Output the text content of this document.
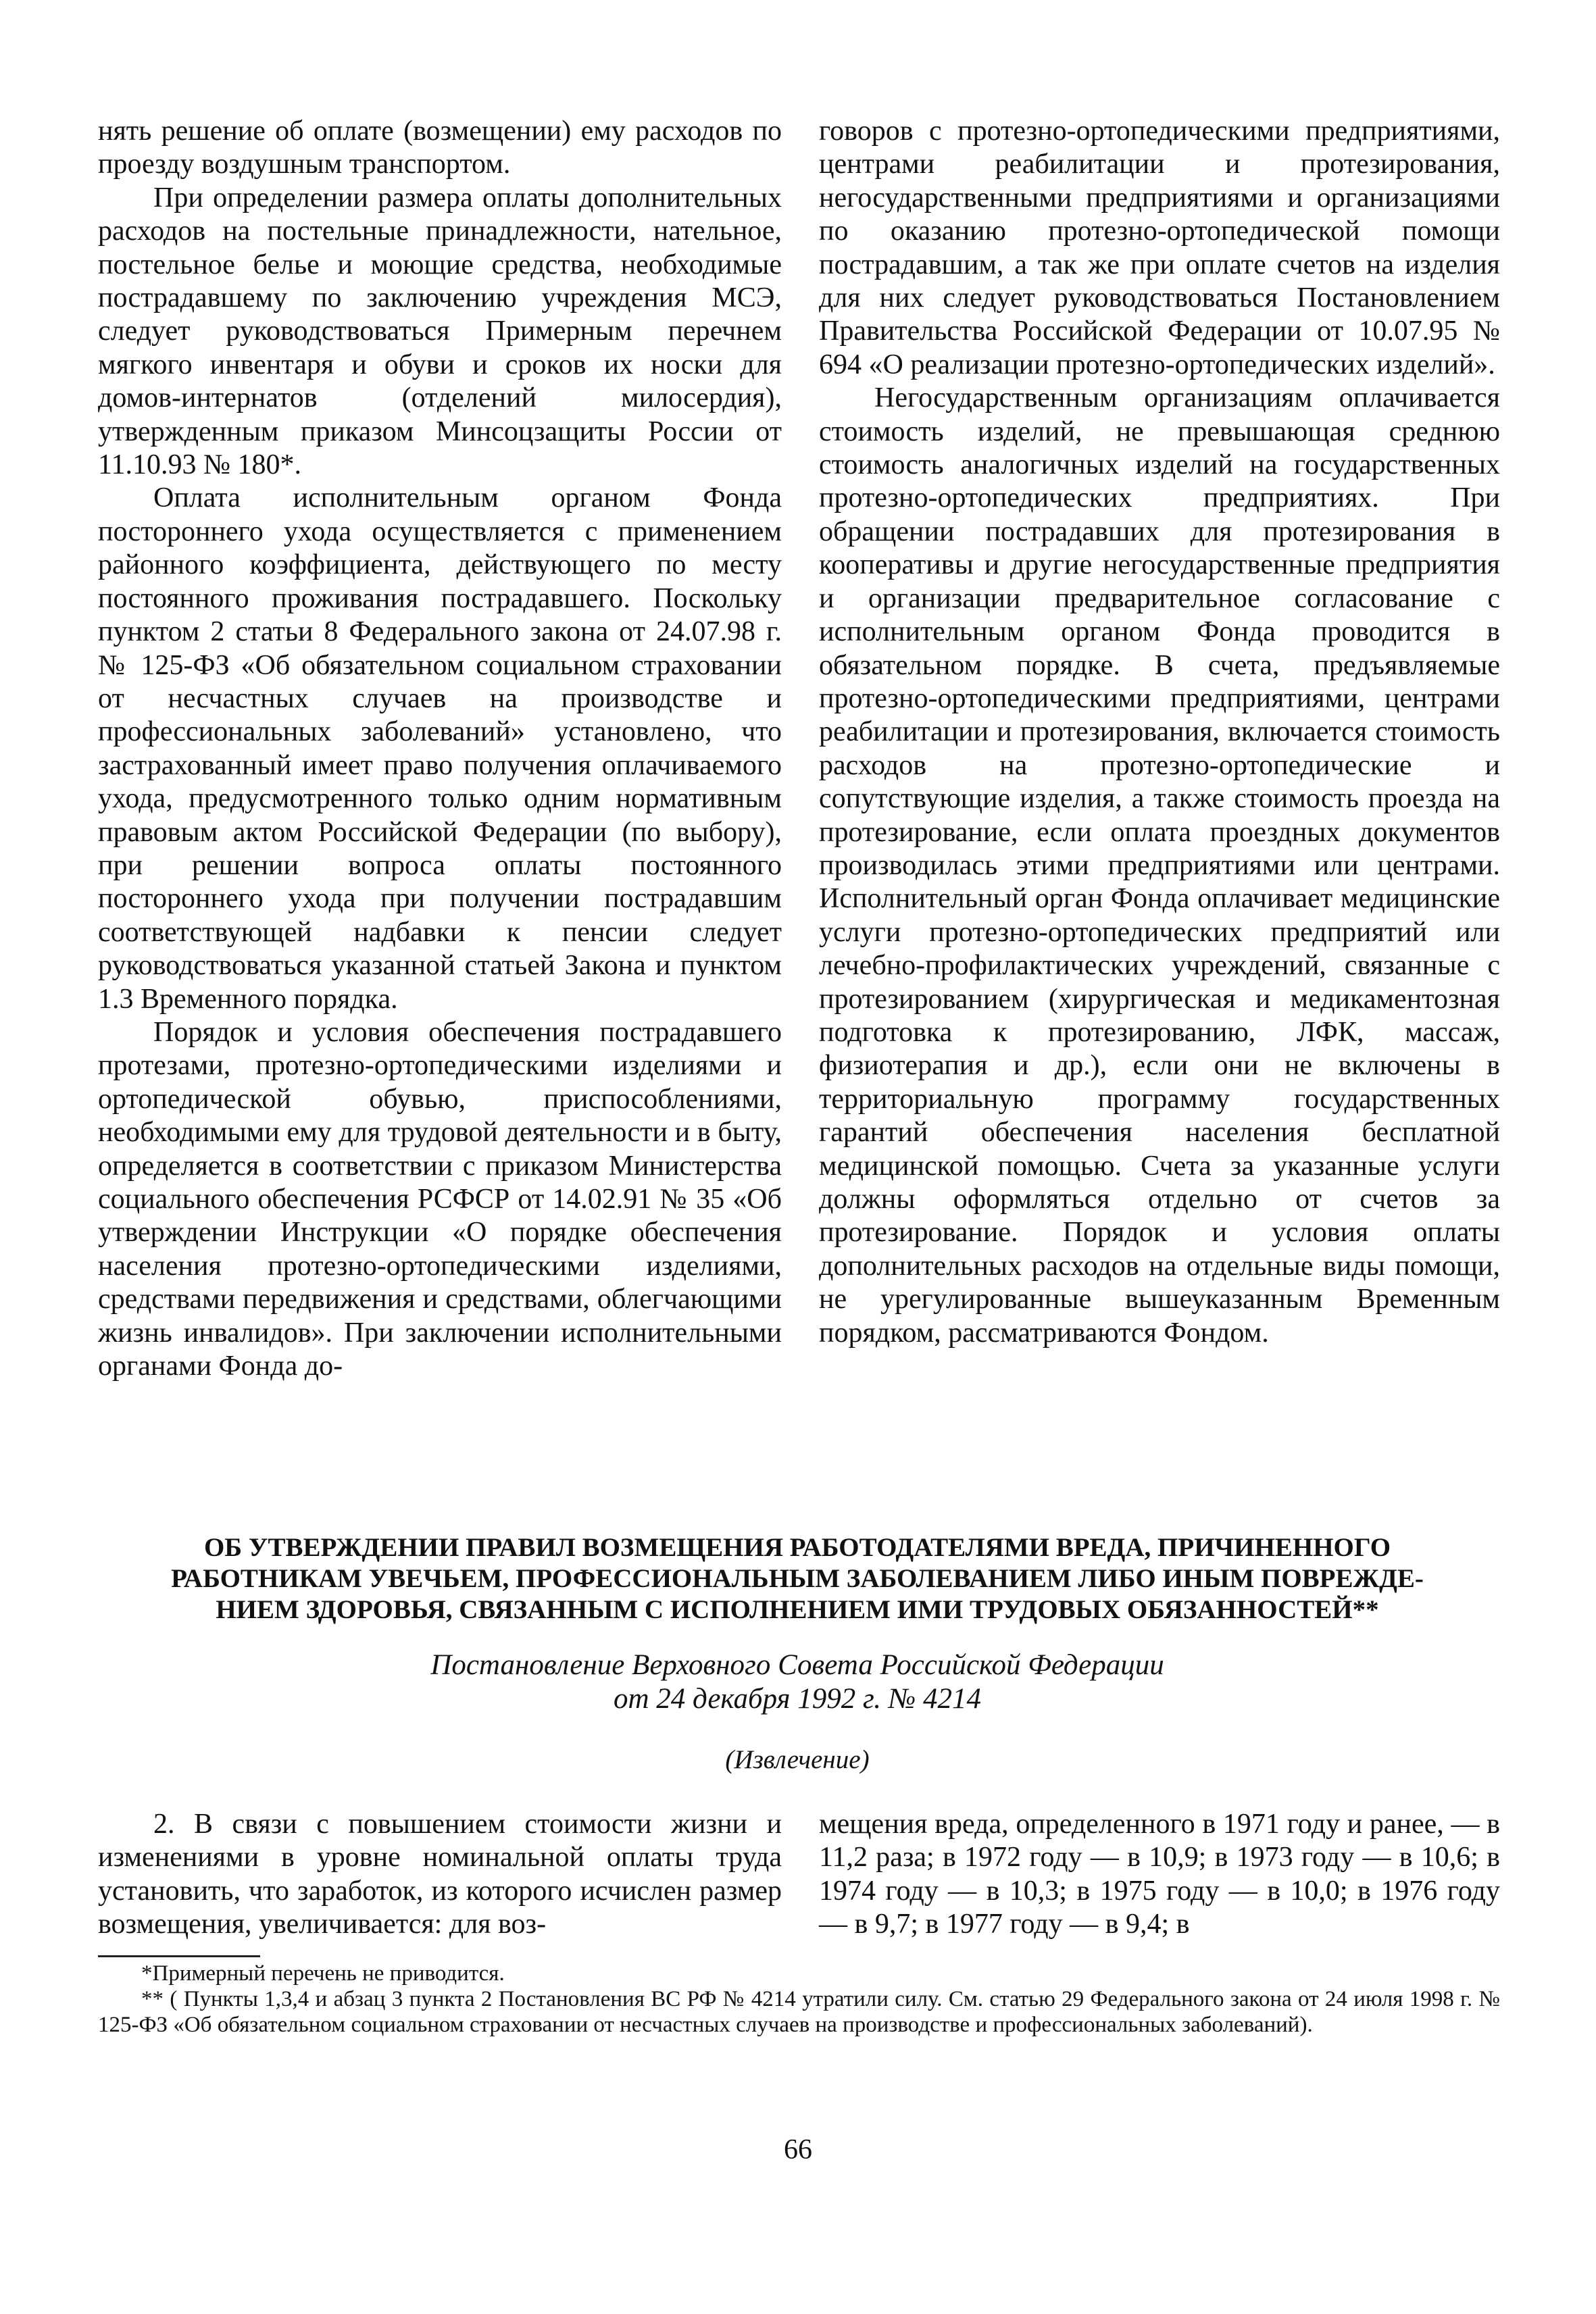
нять решение об оплате (возмещении) ему расходов по проезду воздушным транспортом.

При определении размера оплаты дополнительных расходов на постельные принадлежности, нательное, постельное белье и моющие средства, необходимые пострадавшему по заключению учреждения МСЭ, следует руководствоваться Примерным перечнем мягкого инвентаря и обуви и сроков их носки для домов-интернатов (отделений милосердия), утвержденным приказом Минсоцзащиты России от 11.10.93 № 180*.

Оплата исполнительным органом Фонда постороннего ухода осуществляется с применением районного коэффициента, действующего по месту постоянного проживания пострадавшего. Поскольку пунктом 2 статьи 8 Федерального закона от 24.07.98 г. № 125-ФЗ «Об обязательном социальном страховании от несчастных случаев на производстве и профессиональных заболеваний» установлено, что застрахованный имеет право получения оплачиваемого ухода, предусмотренного только одним нормативным правовым актом Российской Федерации (по выбору), при решении вопроса оплаты постоянного постороннего ухода при получении пострадавшим соответствующей надбавки к пенсии следует руководствоваться указанной статьей Закона и пунктом 1.3 Временного порядка.

Порядок и условия обеспечения пострадавшего протезами, протезно-ортопедическими изделиями и ортопедической обувью, приспособлениями, необходимыми ему для трудовой деятельности и в быту, определяется в соответствии с приказом Министерства социального обеспечения РСФСР от 14.02.91 № 35 «Об утверждении Инструкции «О порядке обеспечения населения протезно-ортопедическими изделиями, средствами передвижения и средствами, облегчающими жизнь инвалидов». При заключении исполнительными органами Фонда до-

говоров с протезно-ортопедическими предприятиями, центрами реабилитации и протезирования, негосударственными предприятиями и организациями по оказанию протезно-ортопедической помощи пострадавшим, а так же при оплате счетов на изделия для них следует руководствоваться Постановлением Правительства Российской Федерации от 10.07.95 № 694 «О реализации протезно-ортопедических изделий».

Негосударственным организациям оплачивается стоимость изделий, не превышающая среднюю стоимость аналогичных изделий на государственных протезно-ортопедических предприятиях. При обращении пострадавших для протезирования в кооперативы и другие негосударственные предприятия и организации предварительное согласование с исполнительным органом Фонда проводится в обязательном порядке. В счета, предъявляемые протезно-ортопедическими предприятиями, центрами реабилитации и протезирования, включается стоимость расходов на протезно-ортопедические и сопутствующие изделия, а также стоимость проезда на протезирование, если оплата проездных документов производилась этими предприятиями или центрами. Исполнительный орган Фонда оплачивает медицинские услуги протезно-ортопедических предприятий или лечебно-профилактических учреждений, связанные с протезированием (хирургическая и медикаментозная подготовка к протезированию, ЛФК, массаж, физиотерапия и др.), если они не включены в территориальную программу государственных гарантий обеспечения населения бесплатной медицинской помощью. Счета за указанные услуги должны оформляться отдельно от счетов за протезирование. Порядок и условия оплаты дополнительных расходов на отдельные виды помощи, не урегулированные вышеуказанным Временным порядком, рассматриваются Фондом.

ОБ УТВЕРЖДЕНИИ ПРАВИЛ ВОЗМЕЩЕНИЯ РАБОТОДАТЕЛЯМИ ВРЕДА, ПРИЧИНЕННОГО
РАБОТНИКАМ УВЕЧЬЕМ, ПРОФЕССИОНАЛЬНЫМ ЗАБОЛЕВАНИЕМ ЛИБО ИНЫМ ПОВРЕЖДЕ-
НИЕМ ЗДОРОВЬЯ, СВЯЗАННЫМ С ИСПОЛНЕНИЕМ ИМИ ТРУДОВЫХ ОБЯЗАННОСТЕЙ**
Постановление Верховного Совета Российской Федерации
от 24 декабря 1992 г. № 4214
(Извлечение)

2. В связи с повышением стоимости жизни и изменениями в уровне номинальной оплаты труда установить, что заработок, из которого исчислен размер возмещения, увеличивается: для воз-

мещения вреда, определенного в 1971 году и ранее, — в 11,2 раза; в 1972 году — в 10,9; в 1973 году — в 10,6; в 1974 году — в 10,3; в 1975 году — в 10,0; в 1976 году — в 9,7; в 1977 году — в 9,4; в

*Примерный перечень не приводится.

** ( Пункты 1,3,4 и абзац 3 пункта 2 Постановления ВС РФ № 4214 утратили силу. См. статью 29 Федерального закона от 24 июля 1998 г. № 125-ФЗ «Об обязательном социальном страховании от несчастных случаев на производстве и профессиональных заболеваний).

66
